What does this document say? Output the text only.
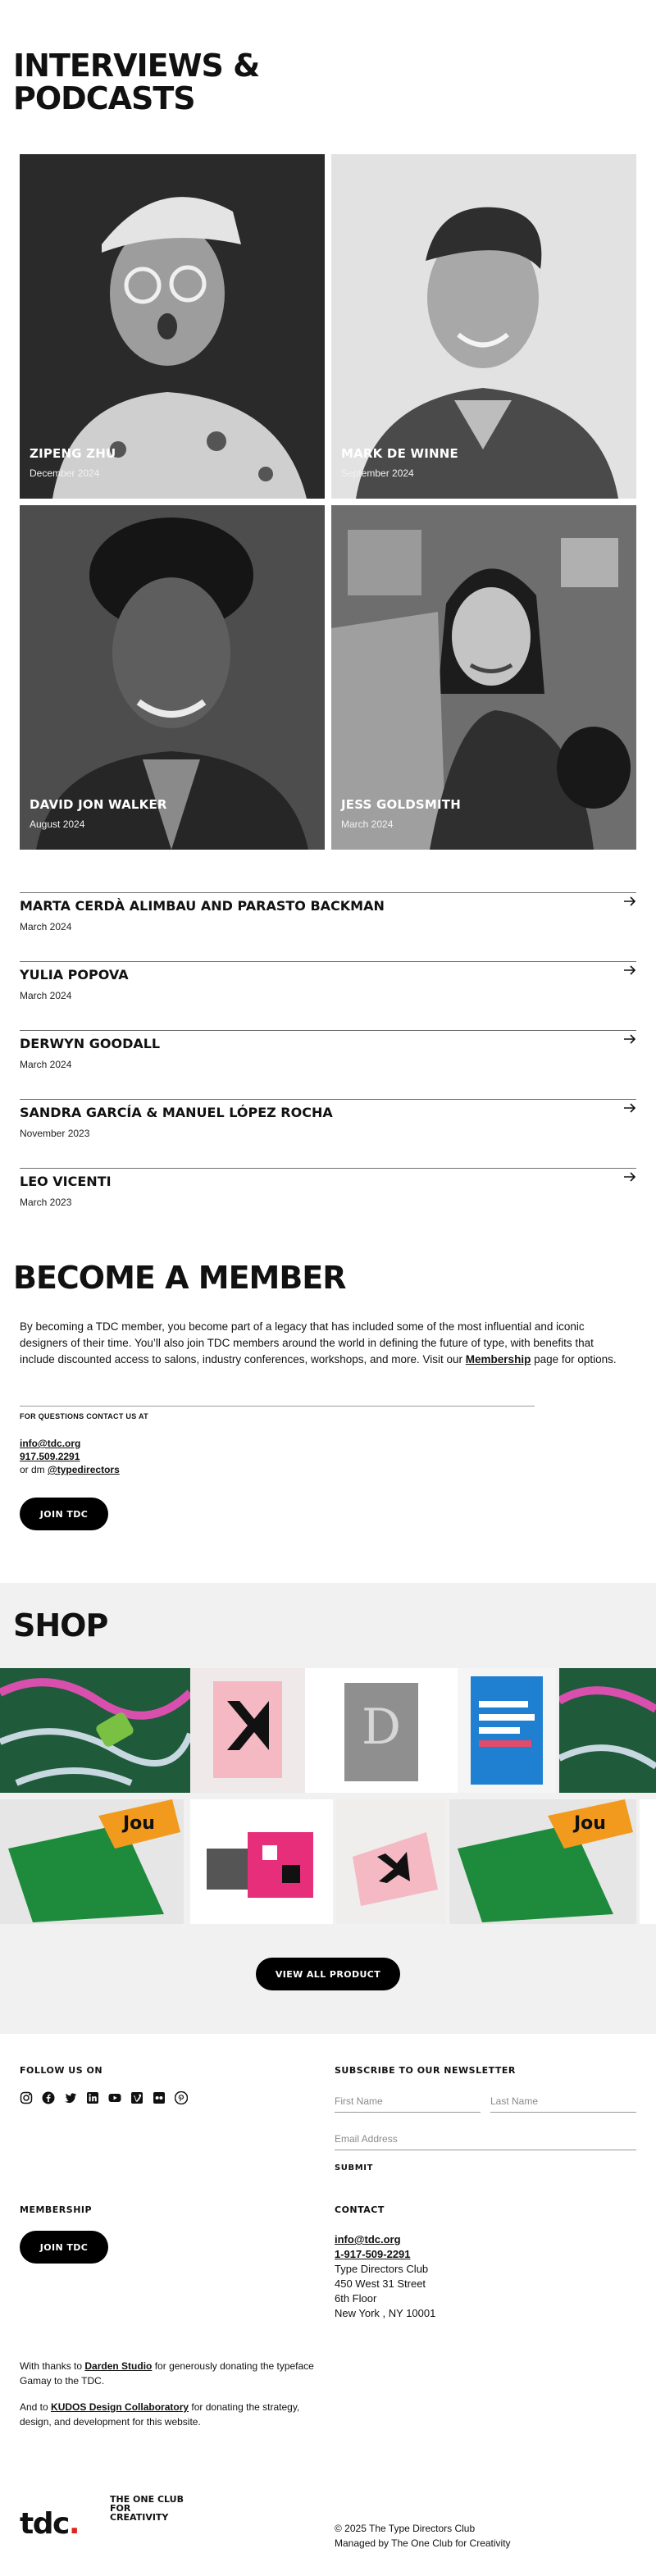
INTERVIEWS & PODCASTS
ZIPENG ZHU
December 2024
MARK DE WINNE
September 2024
DAVID JON WALKER
August 2024
JESS GOLDSMITH
March 2024
MARTA CERDÀ ALIMBAU AND PARASTO BACKMAN
March 2024
YULIA POPOVA
March 2024
DERWYN GOODALL
March 2024
SANDRA GARCÍA & MANUEL LÓPEZ ROCHA
November 2023
LEO VICENTI
March 2023
BECOME A MEMBER

By becoming a TDC member, you become part of a legacy that has included some of the most influential and iconic designers of their time. You’ll also join TDC members around the world in defining the future of type, with benefits that include discounted access to salons, industry conferences, workshops, and more. Visit our Membership page for options.

FOR QUESTIONS CONTACT US AT
info@tdc.org
917.509.2291
or dm @typedirectors
JOIN TDC
SHOP
D
Jou	Jou
VIEW ALL PRODUCT
FOLLOW US ON	SUBSCRIBE TO OUR NEWSLETTER
First Name
Last Name
Email Address
SUBMIT
MEMBERSHIP
JOIN TDC
CONTACT
info@tdc.org
1-917-509-2291
Type Directors Club
450 West 31 Street
6th Floor
New York , NY 10001

With thanks to Darden Studio for generously donating the typeface Gamay to the TDC.

And to KUDOS Design Collaboratory for donating the strategy, design, and development for this website.

tdc.
THE ONE CLUB FOR CREATIVITY
© 2025 The Type Directors Club
Managed by The One Club for Creativity
